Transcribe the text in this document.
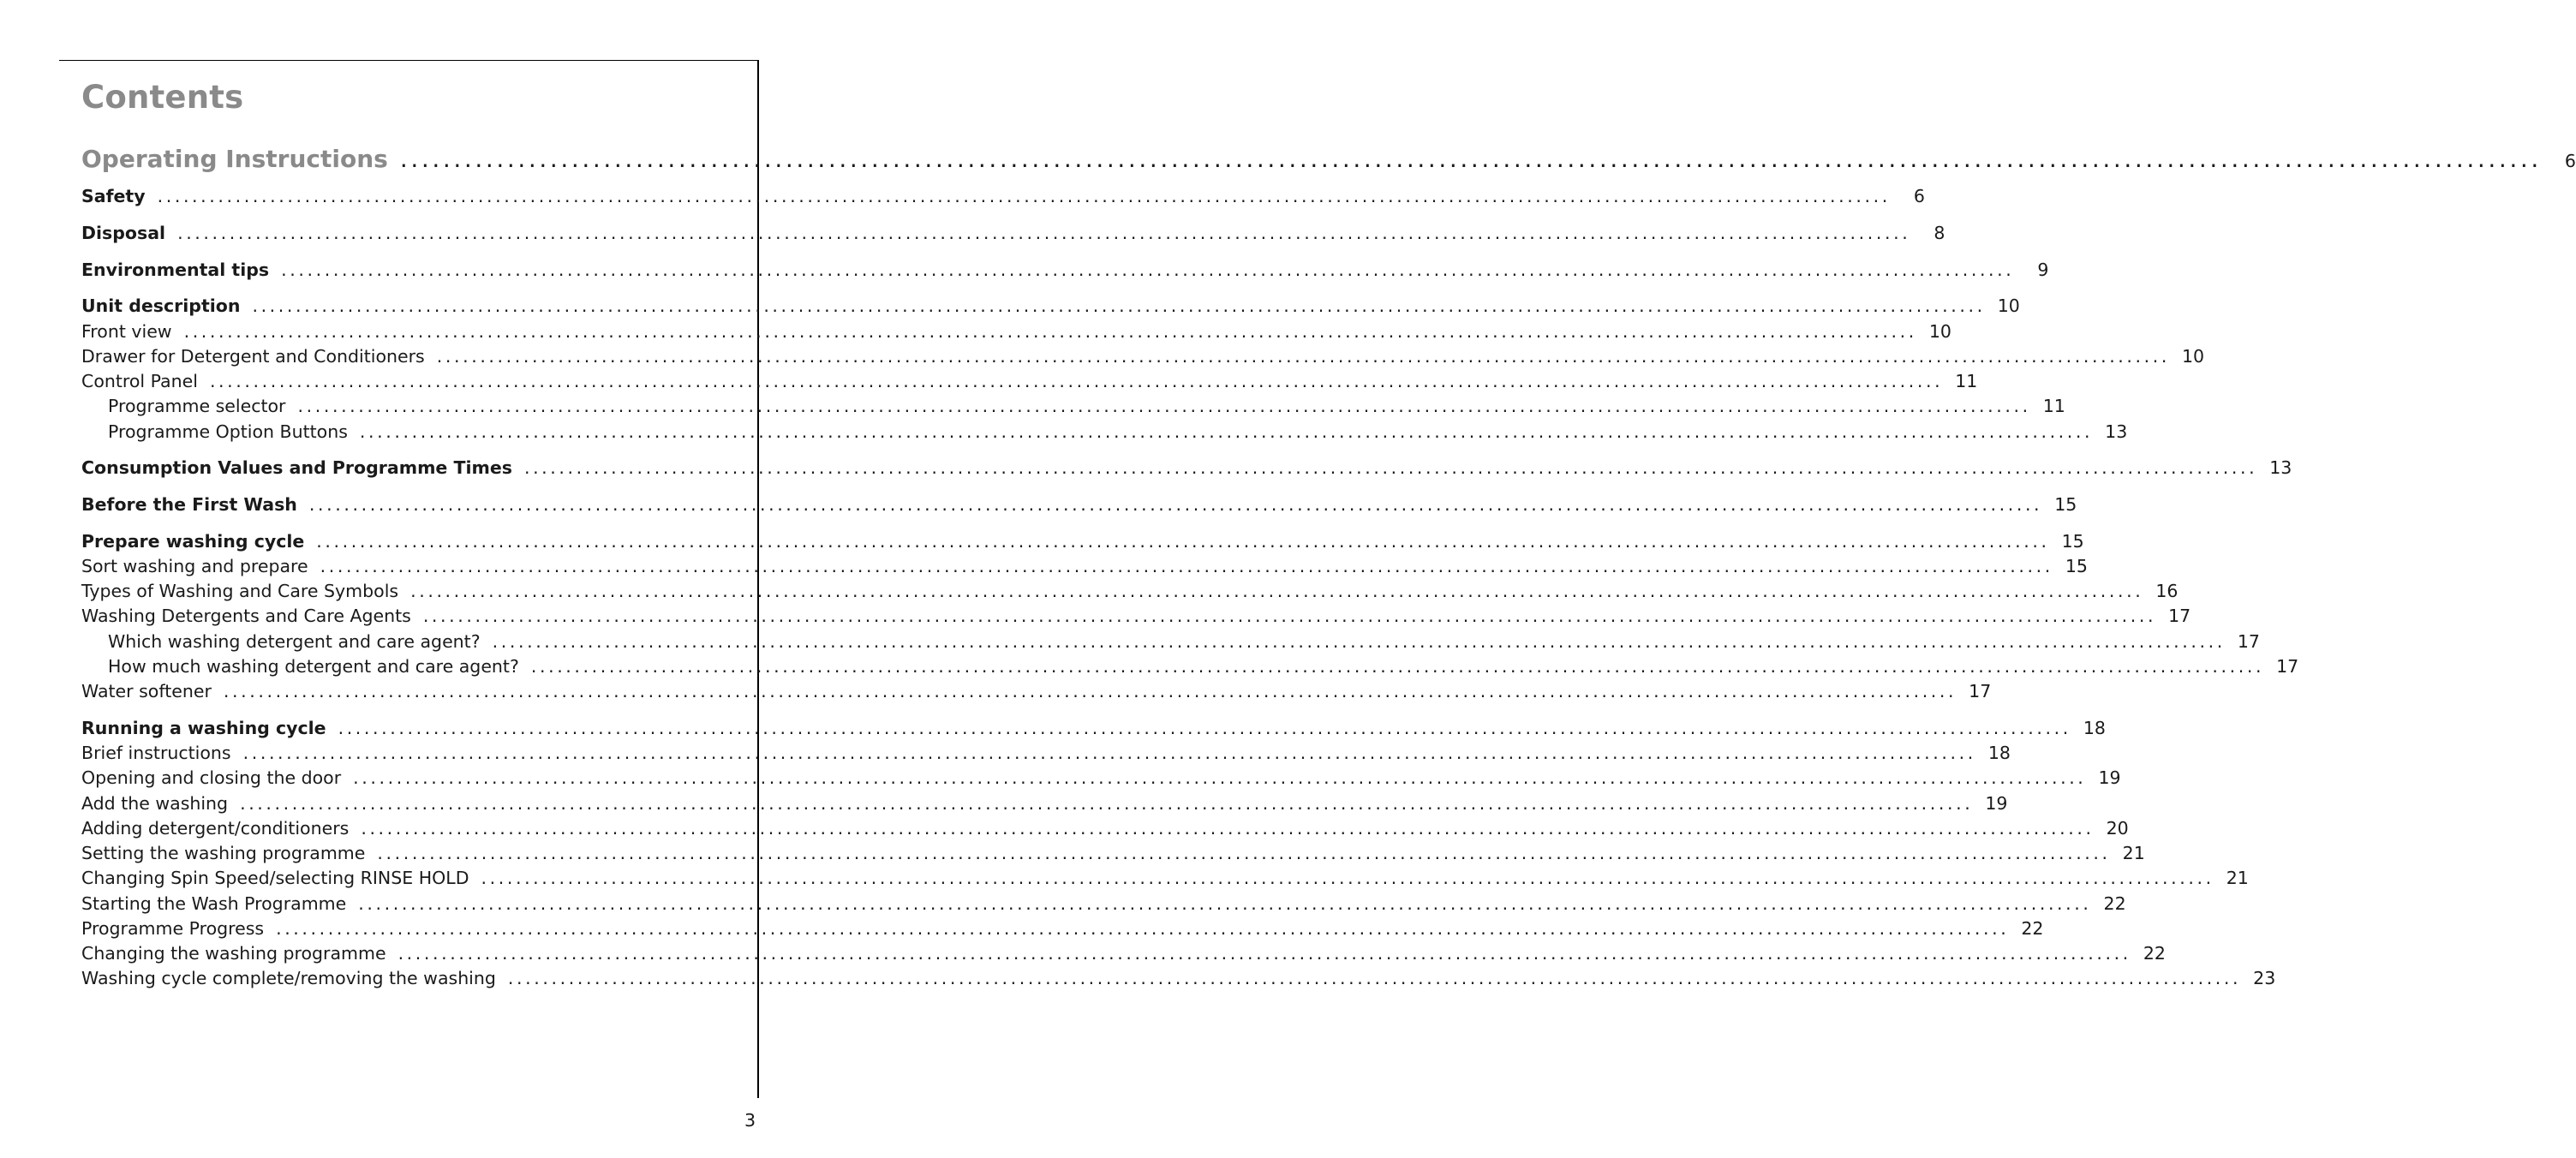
Contents
Operating Instructions ........................................................................................................................................................................................................	6
Safety ........................................................................................................................................................................................................	6
Disposal ........................................................................................................................................................................................................	8
Environmental tips ........................................................................................................................................................................................................	9
Unit description ........................................................................................................................................................................................................ 10
Front view ........................................................................................................................................................................................................ 10
Drawer for Detergent and Conditioners ........................................................................................................................................................................................................ 10
Control Panel ........................................................................................................................................................................................................ 11
Programme selector ........................................................................................................................................................................................................ 11
Programme Option Buttons ........................................................................................................................................................................................................ 13
Consumption Values and Programme Times ........................................................................................................................................................................................................ 13
Before the First Wash ........................................................................................................................................................................................................ 15
Prepare washing cycle ........................................................................................................................................................................................................ 15
Sort washing and prepare ........................................................................................................................................................................................................ 15
Types of Washing and Care Symbols ........................................................................................................................................................................................................ 16
Washing Detergents and Care Agents ........................................................................................................................................................................................................ 17
Which washing detergent and care agent? ........................................................................................................................................................................................................ 17
How much washing detergent and care agent? ........................................................................................................................................................................................................ 17
Water softener ........................................................................................................................................................................................................ 17
Running a washing cycle ........................................................................................................................................................................................................ 18
Brief instructions ........................................................................................................................................................................................................ 18
Opening and closing the door ........................................................................................................................................................................................................ 19
Add the washing ........................................................................................................................................................................................................ 19
Adding detergent/conditioners ........................................................................................................................................................................................................ 20
Setting the washing programme ........................................................................................................................................................................................................ 21
Changing Spin Speed/selecting RINSE HOLD ........................................................................................................................................................................................................ 21
Starting the Wash Programme ........................................................................................................................................................................................................ 22
Programme Progress ........................................................................................................................................................................................................ 22
Changing the washing programme ........................................................................................................................................................................................................ 22
Washing cycle complete/removing the washing ........................................................................................................................................................................................................ 23
3
